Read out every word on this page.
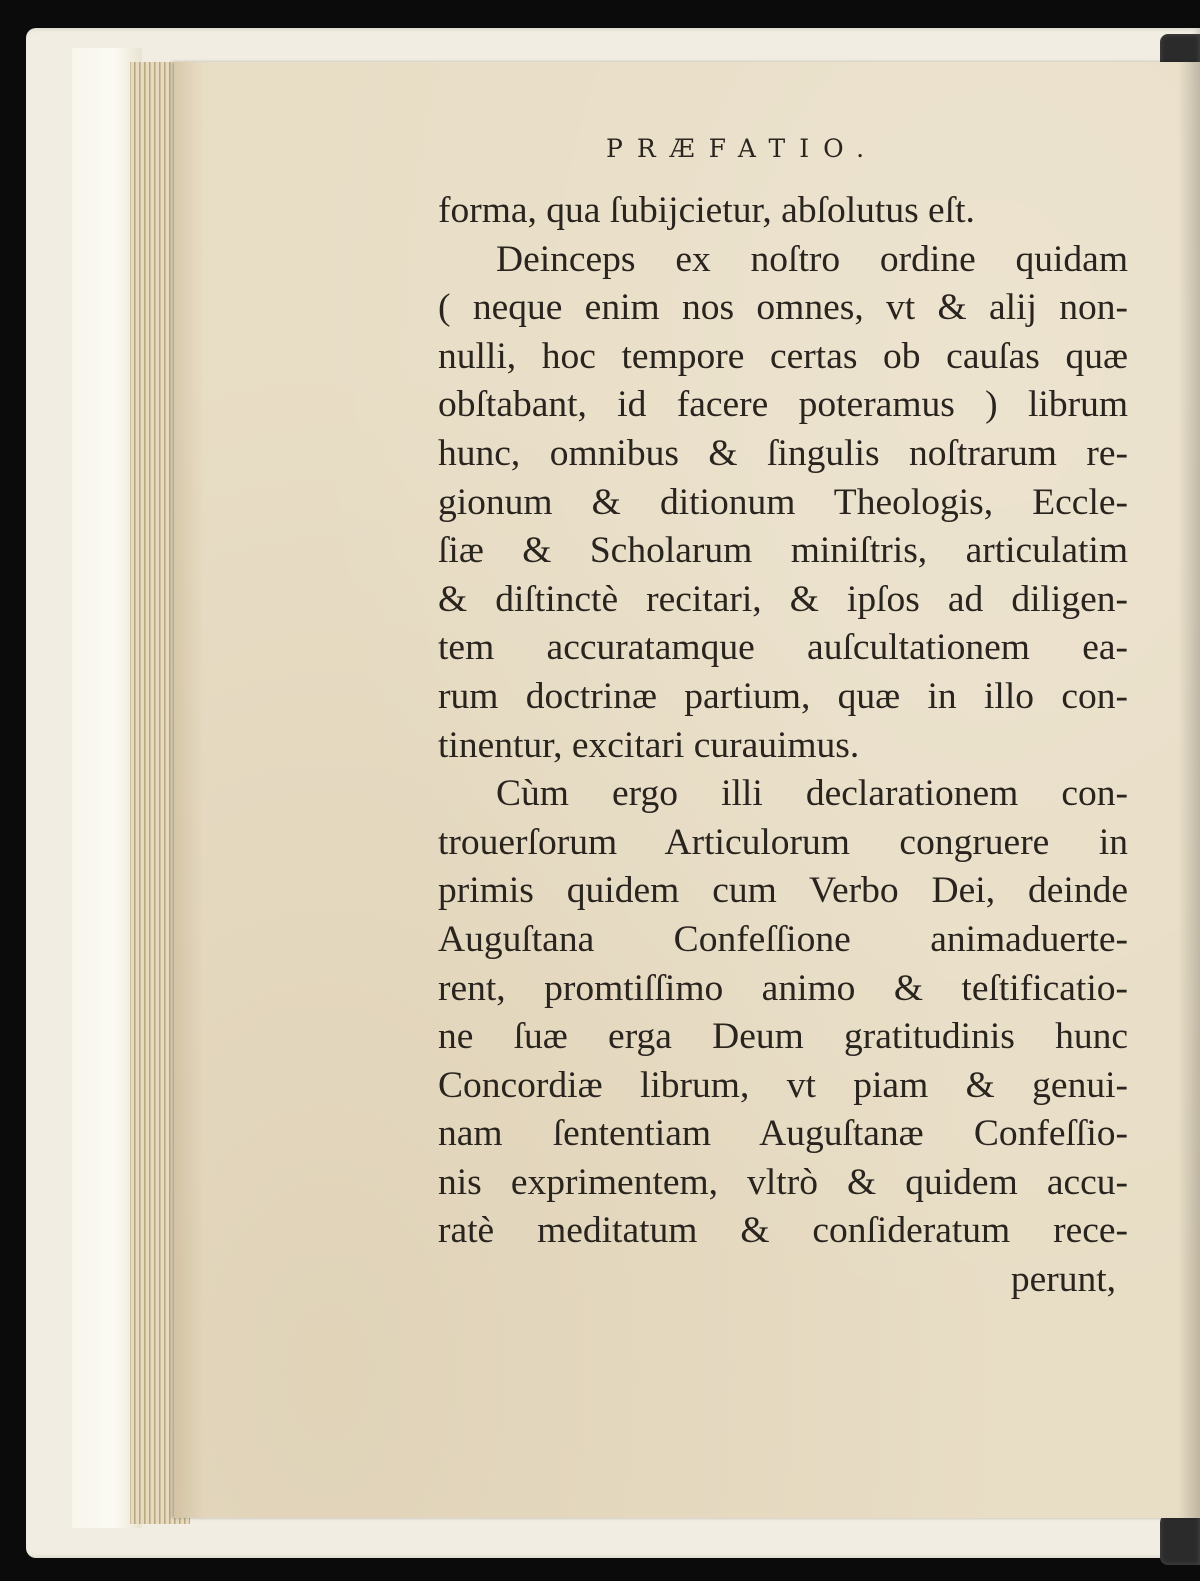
PRÆFATIO.
forma, qua ſubijcietur, abſolutus eſt.
Deinceps ex noſtro ordine quidam
( neque enim nos omnes, vt & alij non-
nulli, hoc tempore certas ob cauſas quæ
obſtabant, id facere poteramus ) librum
hunc, omnibus & ſingulis noſtrarum re-
gionum & ditionum Theologis, Eccle-
ſiæ & Scholarum miniſtris, articulatim
& diſtinctè recitari, & ipſos ad diligen-
tem accuratamque auſcultationem ea-
rum doctrinæ partium, quæ in illo con-
tinentur, excitari curauimus.
Cùm ergo illi declarationem con-
trouerſorum Articulorum congruere in
primis quidem cum Verbo Dei, deinde
Auguſtana Confeſſione animaduerte-
rent, promtiſſimo animo & teſtificatio-
ne ſuæ erga Deum gratitudinis hunc
Concordiæ librum, vt piam & genui-
nam ſententiam Auguſtanæ Confeſſio-
nis exprimentem, vltrò & quidem accu-
ratè meditatum & conſideratum rece-
perunt,
